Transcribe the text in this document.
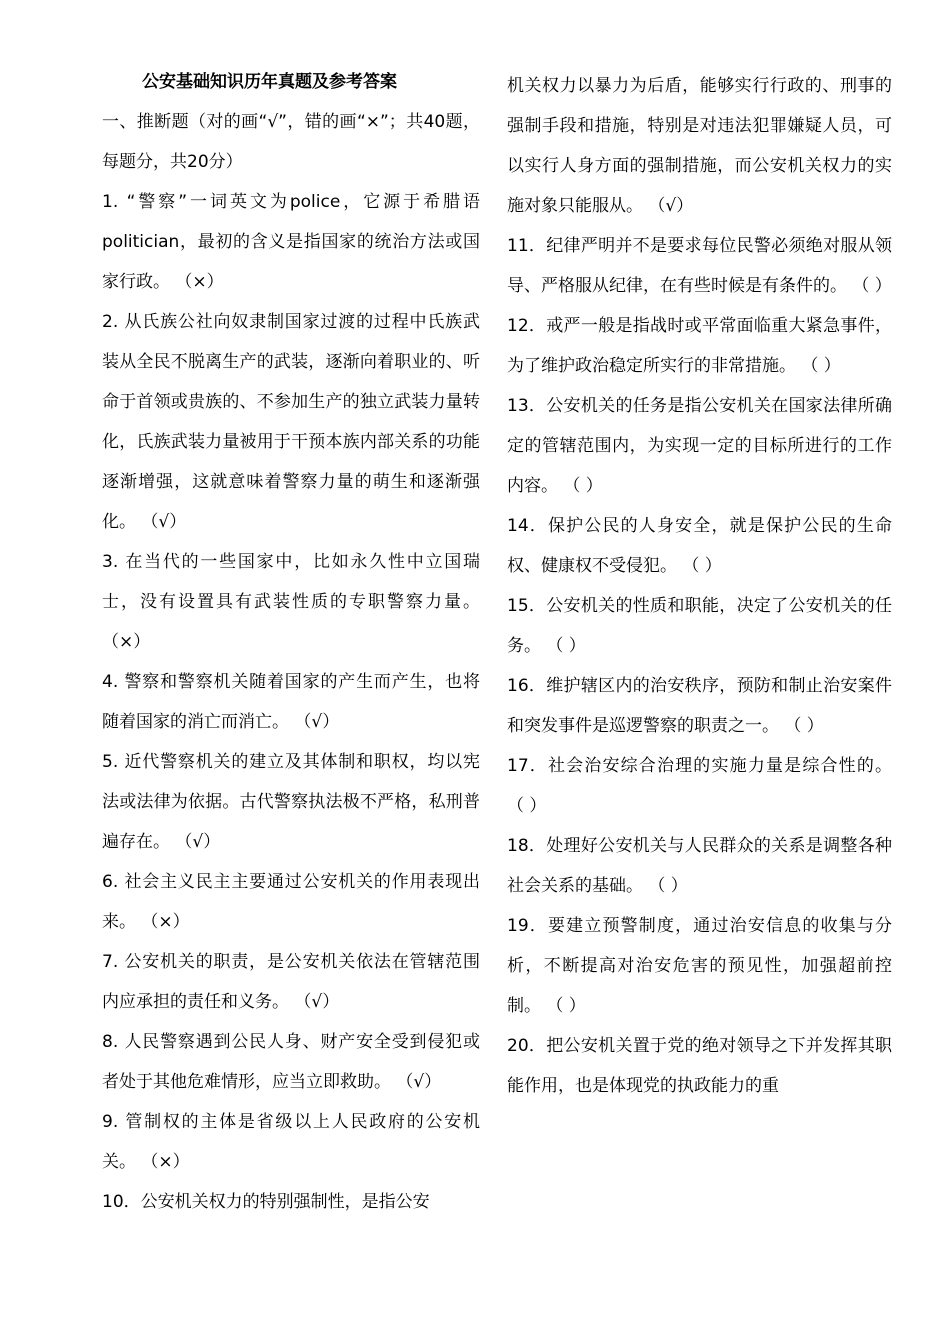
公安基础知识历年真题及参考答案

一、推断题（对的画“√”，错的画“×”；共40题，每题分，共20分）

1. “警察”一词英文为police，它源于希腊语politician，最初的含义是指国家的统治方法或国家行政。 （×）

2. 从氏族公社向奴隶制国家过渡的过程中氏族武装从全民不脱离生产的武装，逐渐向着职业的、听命于首领或贵族的、不参加生产的独立武装力量转化，氏族武装力量被用于干预本族内部关系的功能逐渐增强，这就意味着警察力量的萌生和逐渐强化。 （√）

3. 在当代的一些国家中，比如永久性中立国瑞士，没有设置具有武装性质的专职警察力量。 （×）

4. 警察和警察机关随着国家的产生而产生，也将随着国家的消亡而消亡。 （√）

5. 近代警察机关的建立及其体制和职权，均以宪法或法律为依据。古代警察执法极不严格，私刑普遍存在。 （√）

6. 社会主义民主主要通过公安机关的作用表现出来。 （×）

7. 公安机关的职责，是公安机关依法在管辖范围内应承担的责任和义务。 （√）

8. 人民警察遇到公民人身、财产安全受到侵犯或者处于其他危难情形，应当立即救助。 （√）

9. 管制权的主体是省级以上人民政府的公安机关。 （×）

10．公安机关权力的特别强制性，是指公安

机关权力以暴力为后盾，能够实行行政的、刑事的强制手段和措施，特别是对违法犯罪嫌疑人员，可以实行人身方面的强制措施，而公安机关权力的实施对象只能服从。 （√）

11．纪律严明并不是要求每位民警必须绝对服从领导、严格服从纪律，在有些时候是有条件的。 （ ）

12．戒严一般是指战时或平常面临重大紧急事件，为了维护政治稳定所实行的非常措施。 （ ）

13．公安机关的任务是指公安机关在国家法律所确定的管辖范围内，为实现一定的目标所进行的工作内容。 （ ）

14．保护公民的人身安全，就是保护公民的生命权、健康权不受侵犯。 （ ）

15．公安机关的性质和职能，决定了公安机关的任务。 （ ）

16．维护辖区内的治安秩序，预防和制止治安案件和突发事件是巡逻警察的职责之一。 （ ）

17．社会治安综合治理的实施力量是综合性的。 （ ）

18．处理好公安机关与人民群众的关系是调整各种社会关系的基础。 （ ）

19．要建立预警制度，通过治安信息的收集与分析，不断提高对治安危害的预见性，加强超前控制。 （ ）

20．把公安机关置于党的绝对领导之下并发挥其职能作用，也是体现党的执政能力的重
